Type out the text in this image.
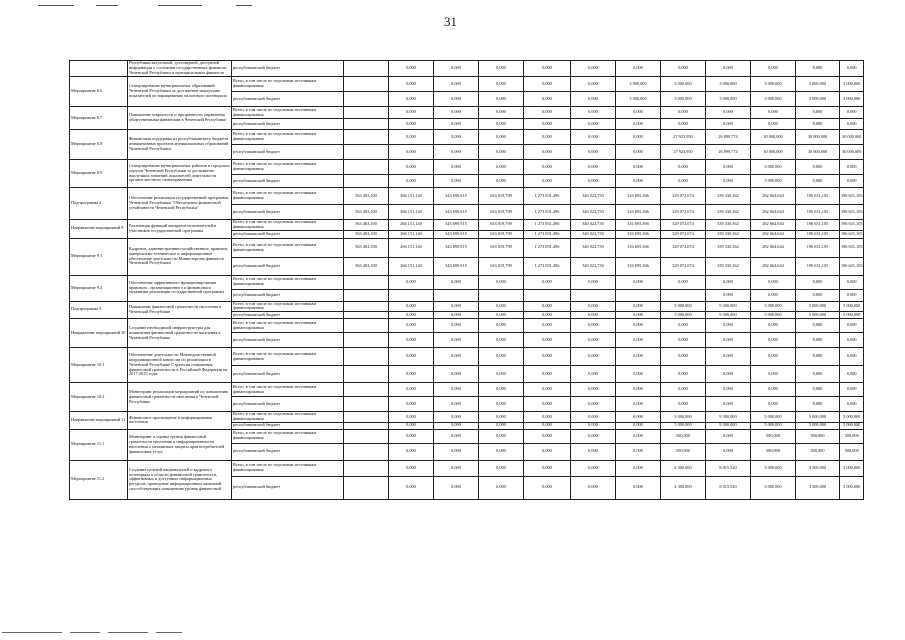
31
	Республики актуальной, достоверной, доступной информации о состоянии государственных финансов Чеченской Республики и муниципальных финансов	республиканский бюджет		0,000	0,000	0,000	0,000	0,000	0,000	0,000	0,000	0,000	0,000	0,000
Мероприятие 8.6	Стимулирование муниципальных образований Чеченской Республики за достижение наилучших показателей по наращиванию налогового потенциала	Всего, в том числе по отдельным источникам финансирования		0,000	0,000	0,000	0,000	0,000	3 000,000	3 000,000	3 000,000	3 000,000	3 000,000	3 000,000
		республиканский бюджет		0,000	0,000	0,000	0,000	0,000	3 000,000	3 000,000	3 000,000	3 000,000	3 000,000	3 000,000
Мероприятие 8.7	Повышение открытости и прозрачности управления общественными финансами в Чеченской Республике	Всего, в том числе по отдельным источникам финансирования		0,000	0,000	0,000	0,000	0,000	0,000	0,000	0,000	0,000	0,000	0,000
		республиканский бюджет		0,000	0,000	0,000	0,000	0,000	0,000	0,000	0,000	0,000	0,000	0,000
Мероприятие 8.8	Финансовая поддержка из республиканского бюджета инициативных проектов муниципальных образований Чеченской Республики	Всего, в том числе по отдельным источникам финансирования		0,000	0,000	0,000	0,000	0,000	0,000	27 923,950	26 899,774	30 000,000	30 000,000	30 000,000
		республиканский бюджет		0,000	0,000	0,000	0,000	0,000	0,000	27 923,950	26 899,774	30 000,000	30 000,000	30 000,000
Мероприятие 8.9	Стимулирование муниципальных районов и городских округов Чеченской Республики за достижение наилучших значений показателей деятельности органов местного самоуправления	Всего, в том числе по отдельным источникам финансирования		0,000	0,000	0,000	0,000	0,000	0,000	0,000	0,000	3 000,000	0,000	0,000
		республиканский бюджет		0,000	0,000	0,000	0,000	0,000	0,000	0,000	0,000	3 000,000	0,000	0,000
Подпрограмма 2	Обеспечение реализации государственной программы Чеченской Республики "Обеспечение финансовой устойчивости Чеченской Республики"	Всего, в том числе по отдельным источникам финансирования	563 463,100	266 151,140	343 699,915	633 019,799	1 273 831,496	340 022,750	316 695,366	329 072,074	339 330,362	282 664,644	196 631,105	196 631,105
		республиканский бюджет	563 463,100	266 151,140	343 699,915	633 019,799	1 273 831,496	340 022,750	316 695,366	329 072,074	339 330,362	282 664,644	196 631,105	196 631,105
Направление мероприятий 9	Реализация функций аппаратов исполнителей и участников государственной программы	Всего, в том числе по отдельным источникам финансирования	563 463,100	266 151,140	343 699,915	633 019,799	1 273 831,496	340 022,750	316 695,366	329 072,074	339 330,362	282 664,644	196 631,105	196 631,105
		республиканский бюджет	563 463,100	266 151,140	343 699,915	633 019,799	1 273 831,496	340 022,750	316 695,366	329 072,074	339 330,362	282 664,644	196 631,105	196 631,105
Мероприятие 9.1	Кадровое, административно-хозяйственное, правовое, материально-техническое и информационное обеспечение деятельности Министерства финансов Чеченской Республики	Всего, в том числе по отдельным источникам финансирования	563 463,100	266 151,140	343 699,915	633 019,799	1 273 831,496	340 022,750	316 695,366	329 072,074	339 330,362	282 664,644	196 631,105	196 631,105
		республиканский бюджет	563 463,100	266 151,140	343 699,915	633 019,799	1 273 831,496	340 022,750	316 695,366	329 072,074	339 330,362	282 664,644	196 631,105	196 631,105
Мероприятие 9.2	Обеспечение эффективного функционирования правового, организационного и финансового механизма реализации государственной программы	Всего, в том числе по отдельным источникам финансирования		0,000	0,000	0,000	0,000	0,000	0,000	0,000	0,000	0,000	0,000	0,000
		республиканский бюджет									0,000	0,000	0,000	0,000
Подпрограмма 3	Повышение финансовой грамотности населения в Чеченской Республике	Всего, в том числе по отдельным источникам финансирования		0,000	0,000	0,000	0,000	0,000	0,000	5 000,000	9 300,000	5 000,000	5 000,000	5 000,000
		республиканский бюджет		0,000	0,000	0,000	0,000	0,000	0,000	5 000,000	9 300,000	5 000,000	5 000,000	5 000,000
Направление мероприятий 10	Создание необходимой инфраструктуры для повышения финансовой грамотности населения в Чеченской Республике	Всего, в том числе по отдельным источникам финансирования		0,000	0,000	0,000	0,000	0,000	0,000	0,000	0,000	0,000	0,000	0,000
		республиканский бюджет		0,000	0,000	0,000	0,000	0,000	0,000	0,000	0,000	0,000	0,000	0,000
Мероприятие 10.1	Обеспечение деятельности Межведомственной координационной комиссии по реализации в Чеченской Республике Стратегии повышения финансовой грамотности в Российской Федерации на 2017-2023 годы	Всего, в том числе по отдельным источникам финансирования		0,000	0,000	0,000	0,000	0,000	0,000	0,000	0,000	0,000	0,000	0,000
		республиканский бюджет		0,000	0,000	0,000	0,000	0,000	0,000	0,000	0,000	0,000	0,000	0,000
Мероприятие 10.2	Мониторинг реализации мероприятий по повышению финансовой грамотности населения в Чеченской Республике	Всего, в том числе по отдельным источникам финансирования		0,000	0,000	0,000	0,000	0,000	0,000	0,000	0,000	0,000	0,000	0,000
		республиканский бюджет		0,000	0,000	0,000	0,000	0,000	0,000	0,000	0,000	0,000	0,000	0,000
Направление мероприятий 11	Финансовое просвещение и информирование населения	Всего, в том числе по отдельным источникам финансирования		0,000	0,000	0,000	0,000	0,000	0,000	5 000,000	9 300,000	5 000,000	5 000,000	5 000,000
		республиканский бюджет		0,000	0,000	0,000	0,000	0,000	0,000	5 000,000	9 300,000	5 000,000	5 000,000	5 000,000
Мероприятие 11.1	Мониторинг и оценка уровня финансовой грамотности населения и информированности населения о механизмах защиты прав потребителей финансовых услуг	Всего, в том числе по отдельным источникам финансирования		0,000	0,000	0,000	0,000	0,000	0,000	500,000	0,000	500,000	500,000	500,000
		республиканский бюджет		0,000	0,000	0,000	0,000	0,000	0,000	500,000	0,000	500,000	500,000	500,000
Мероприятие 11.2	Создание целевой национальной и кадрового потенциала в области финансовой грамотности, эффективных и доступных информационных ресурсов, проведение информационных кампаний, способствующих повышению уровня финансовой	Всего, в том числе по отдельным источникам финансирования		0,000	0,000	0,000	0,000	0,000	0,000	4 300,000	8 015,520	3 000,000	3 500,000	3 000,000
		республиканский бюджет		0,000	0,000	0,000	0,000	0,000	0,000	4 300,000	8 015,520	3 000,000	3 500,000	3 000,000
